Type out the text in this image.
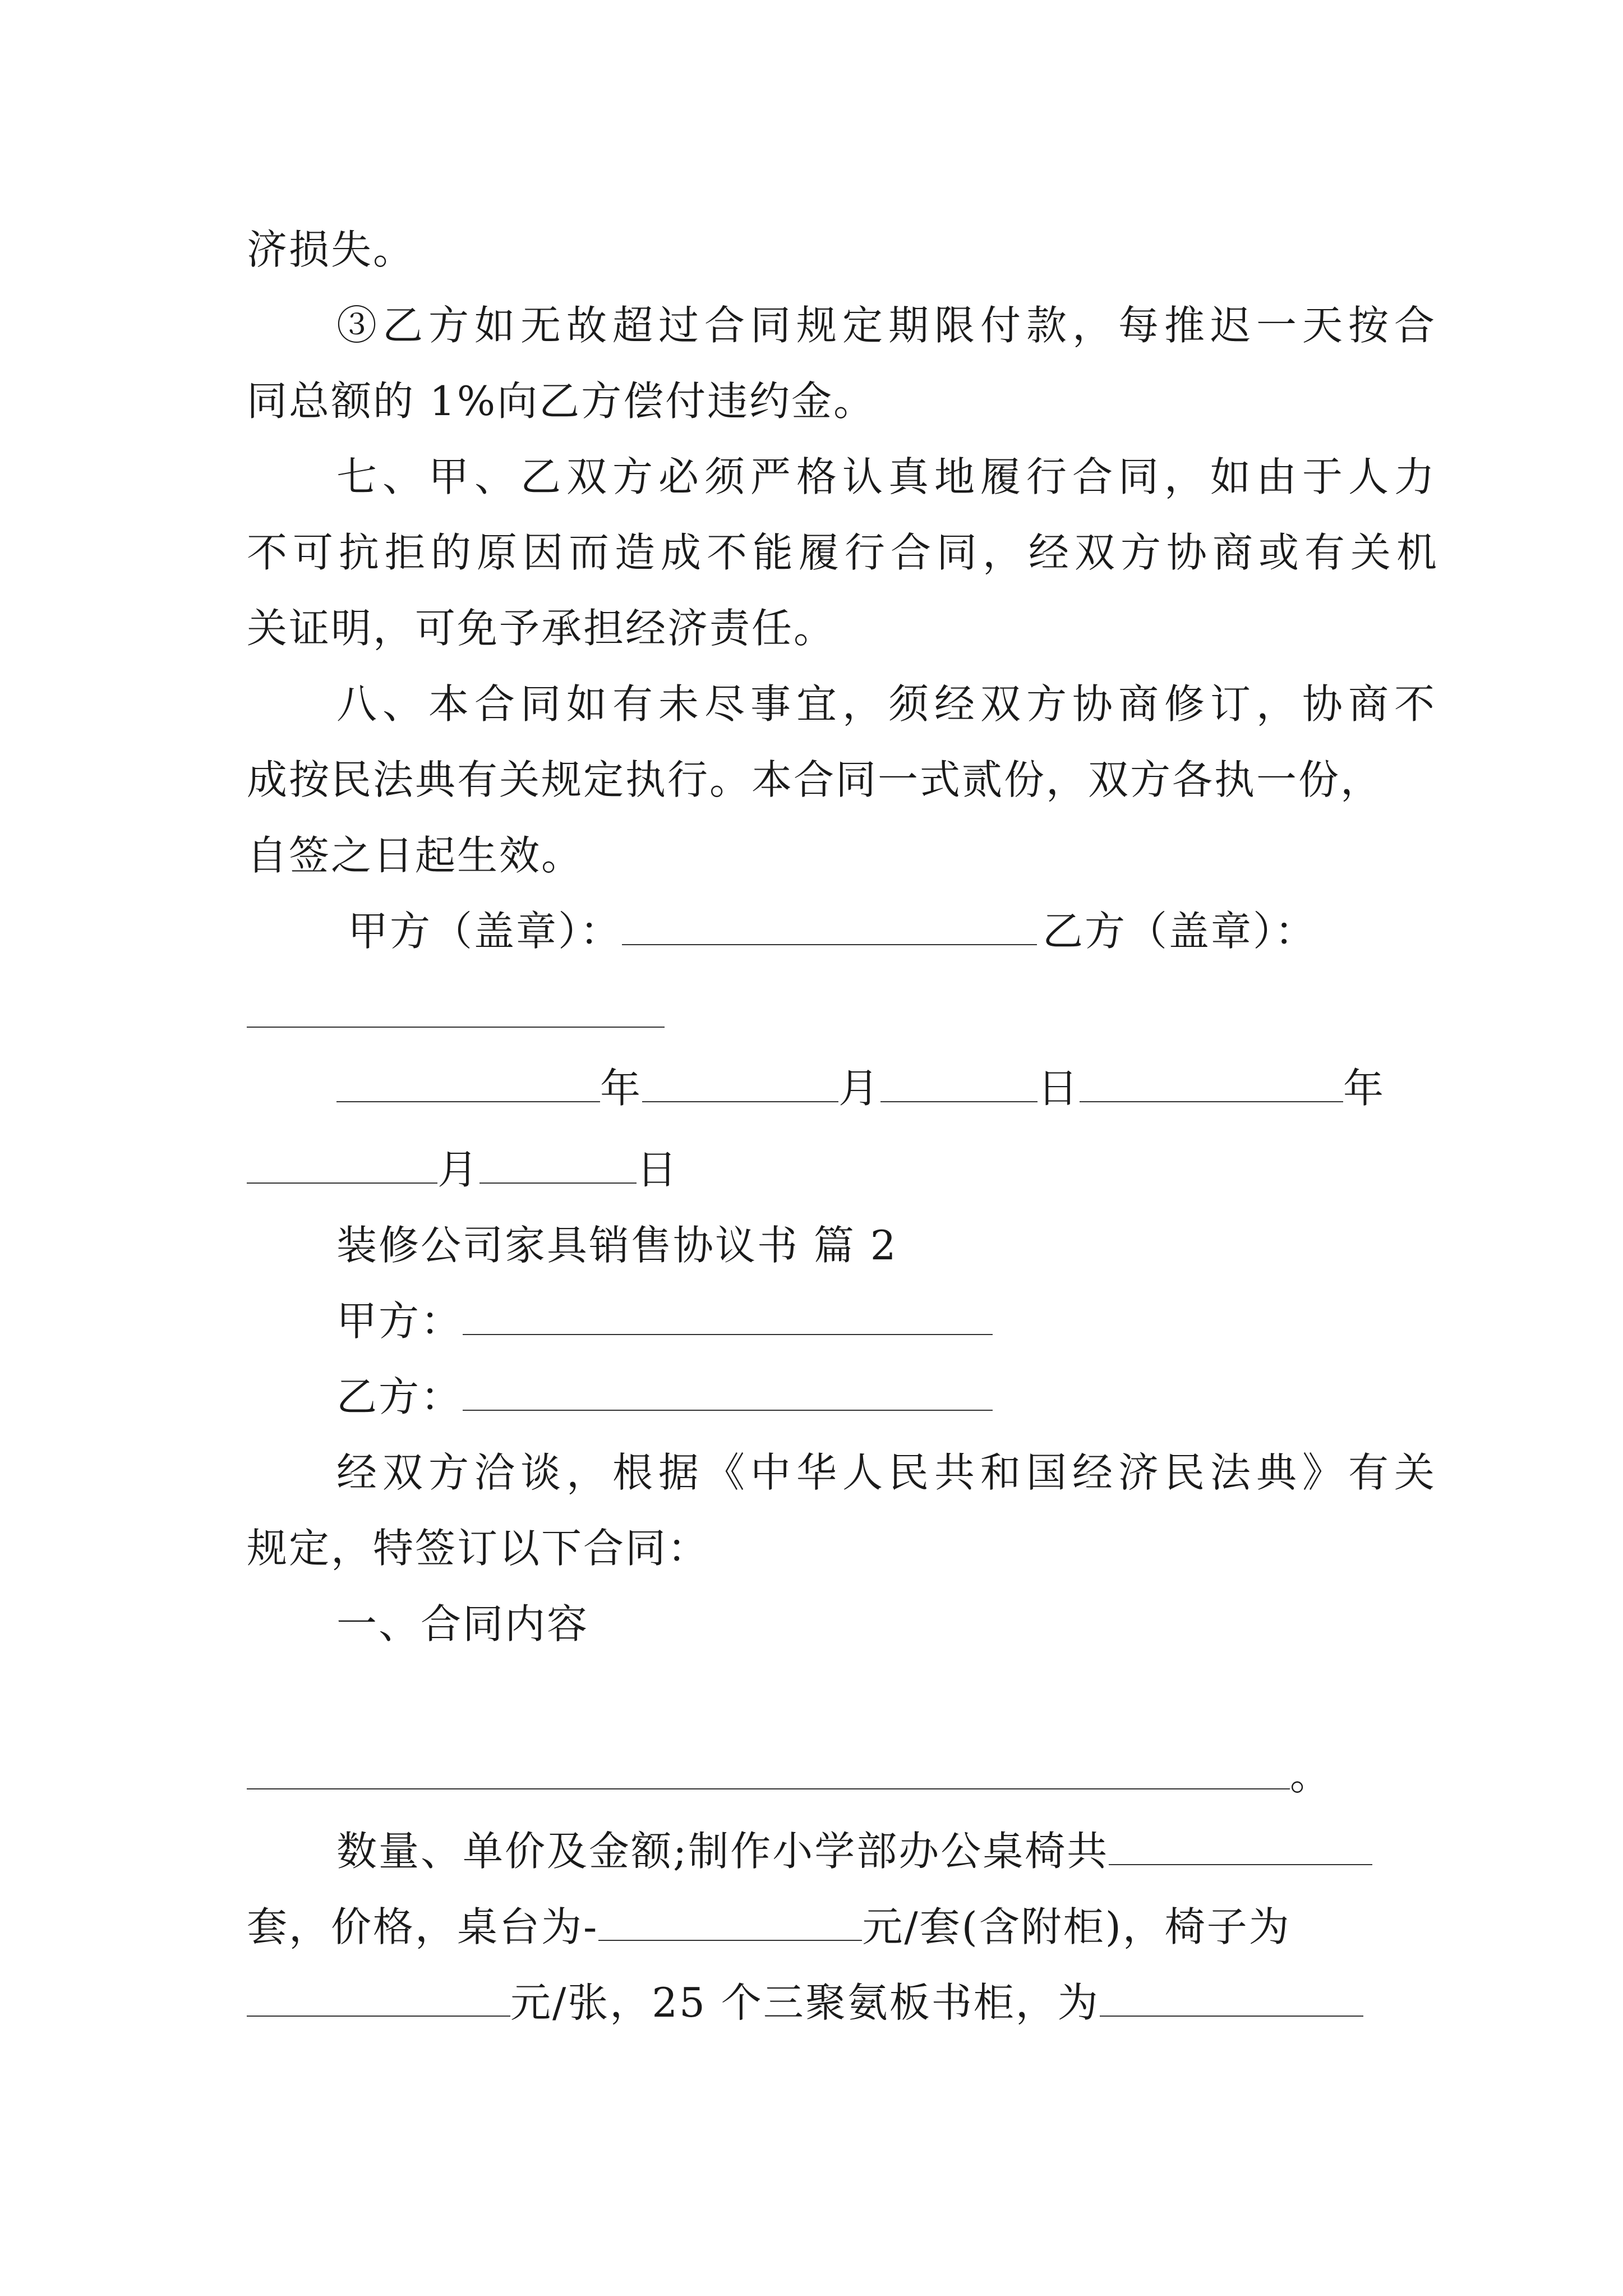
济损失。
③乙方如无故超过合同规定期限付款，每推迟一天按合
同总额的 1%向乙方偿付违约金。
七、甲、乙双方必须严格认真地履行合同，如由于人力
不可抗拒的原因而造成不能履行合同，经双方协商或有关机
关证明，可免予承担经济责任。
八、本合同如有未尽事宜，须经双方协商修订，协商不
成按民法典有关规定执行。本合同一式贰份，双方各执一份，
自签之日起生效。
甲方（盖章）：	乙方（盖章）：
年	月	日	年
月	日
装修公司家具销售协议书 篇 2
甲方：
乙方：
经双方洽谈，根据《中华人民共和国经济民法典》有关
规定，特签订以下合同：
一、合同内容
。
数量、单价及金额;制作小学部办公桌椅共
套，价格，桌台为-	元/套(含附柜)，椅子为
元/张，25 个三聚氨板书柜，为
